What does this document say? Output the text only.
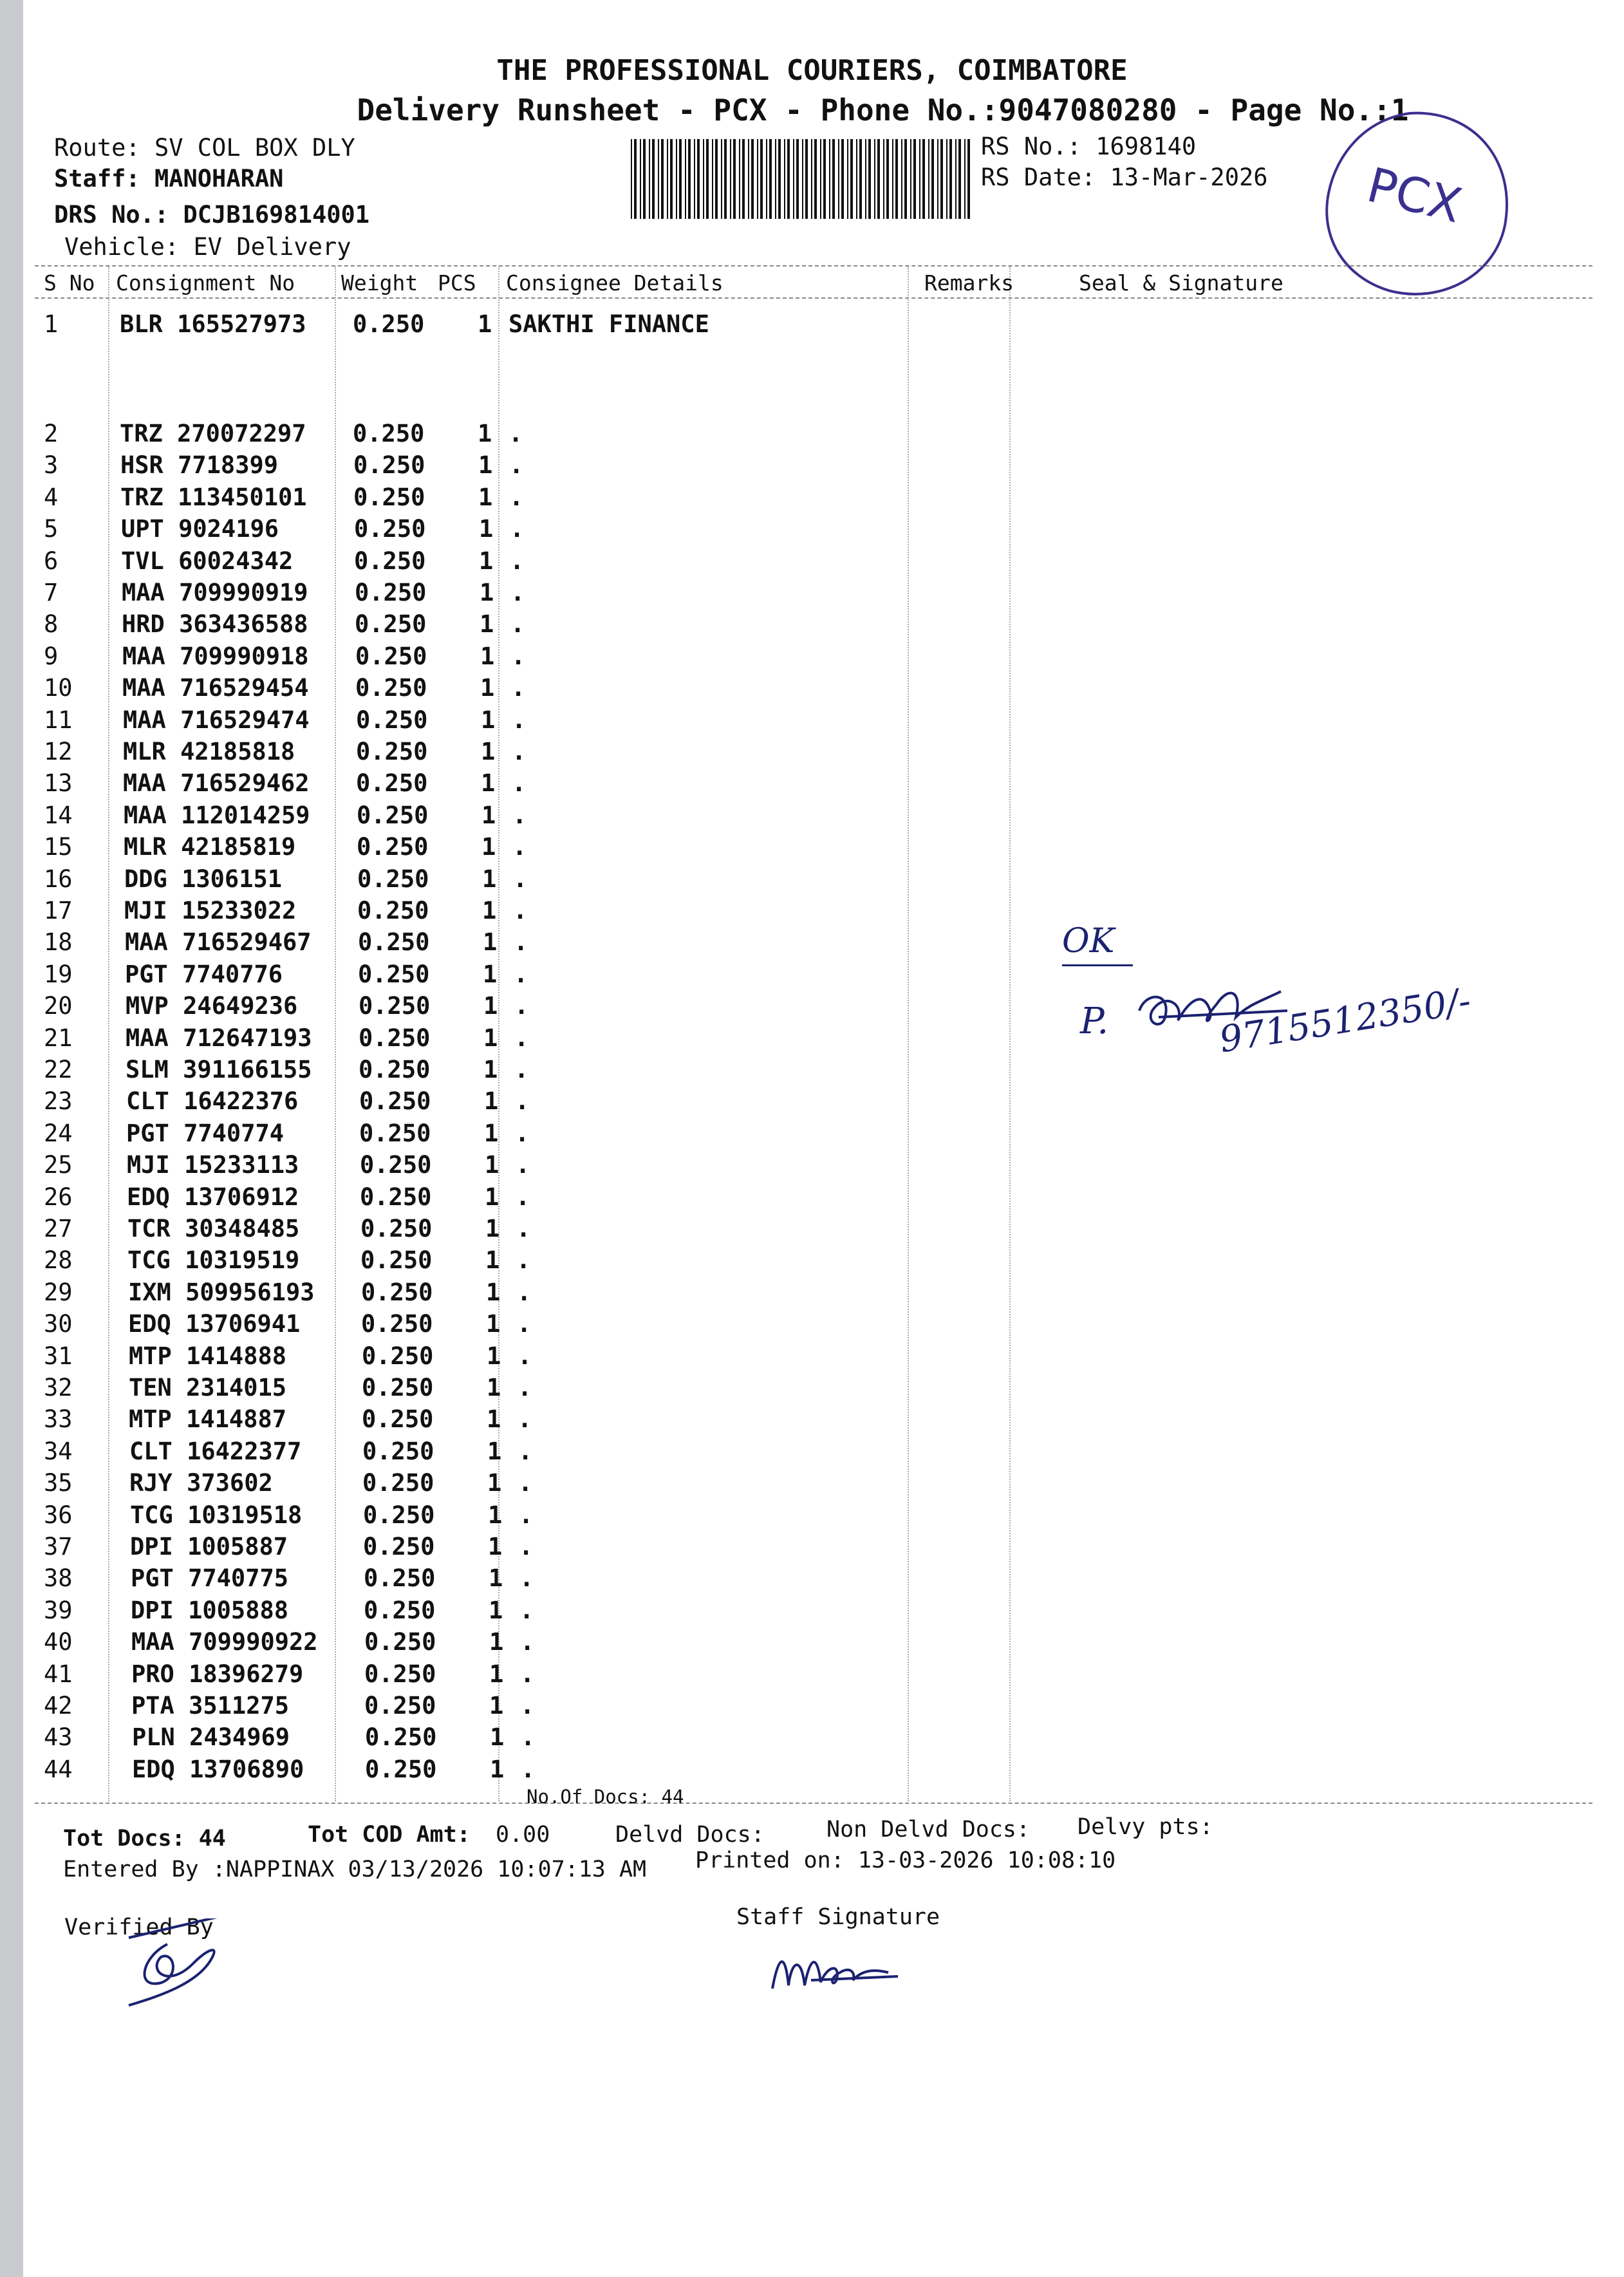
THE PROFESSIONAL COURIERS, COIMBATORE
Delivery Runsheet - PCX - Phone No.:9047080280 - Page No.:1
Route: SV COL BOX DLY
Staff: MANOHARAN
DRS No.: DCJB169814001
Vehicle: EV Delivery
RS No.: 1698140
RS Date: 13-Mar-2026 PCX
S No Consignment No Weight PCS Consignee Details	Remarks	Seal & Signature
1	BLR 165527973 0.250 1 SAKTHI FINANCE
2	TRZ 270072297 0.250 1 .
3	HSR 7718399	0.250 1 .
4	TRZ 113450101 0.250 1 .
5	UPT 9024196	0.250 1 .
6	TVL 60024342	0.250 1 .
7	MAA 709990919 0.250 1 .
8	HRD 363436588 0.250 1 .
9	MAA 709990918 0.250 1 .
10 MAA 716529454 0.250 1 .
11 MAA 716529474 0.250 1 .
12 MLR 42185818	0.250 1 .
13 MAA 716529462 0.250 1 .
14 MAA 112014259 0.250 1 .
15 MLR 42185819	0.250 1 .
16 DDG 1306151	0.250 1 .
17 MJI 15233022	0.250 1 .
18 MAA 716529467 0.250 1 .
19 PGT 7740776	0.250 1 .
20 MVP 24649236	0.250 1 .
21 MAA 712647193 0.250 1 .
22 SLM 391166155 0.250 1 .
23 CLT 16422376	0.250 1 .
24 PGT 7740774	0.250 1 .
25 MJI 15233113	0.250 1 .
26 EDQ 13706912	0.250 1 .
27 TCR 30348485	0.250 1 .
28 TCG 10319519	0.250 1 .
29 IXM 509956193 0.250 1 .
30 EDQ 13706941	0.250 1 .
31 MTP 1414888	0.250 1 .
32 TEN 2314015	0.250 1 .
33 MTP 1414887	0.250 1 .
34 CLT 16422377	0.250 1 .
35 RJY 373602	0.250 1 .
36 TCG 10319518	0.250 1 .
37 DPI 1005887	0.250 1 .
38 PGT 7740775	0.250 1 .
39 DPI 1005888	0.250 1 .
40 MAA 709990922 0.250 1 .
41 PRO 18396279	0.250 1 .
42 PTA 3511275	0.250 1 .
43 PLN 2434969	0.250 1 .
44 EDQ 13706890	0.250 1 .
No.Of Docs: 44
OK
P.	9715512350/-
Tot Docs: 44	Tot COD Amt: 0.00	Delvd Docs:	Non Delvd Docs: Delvy pts:
Entered By :NAPPINAX 03/13/2026 10:07:13 AM Printed on: 13-03-2026 10:08:10
Verified By	Staff Signature
